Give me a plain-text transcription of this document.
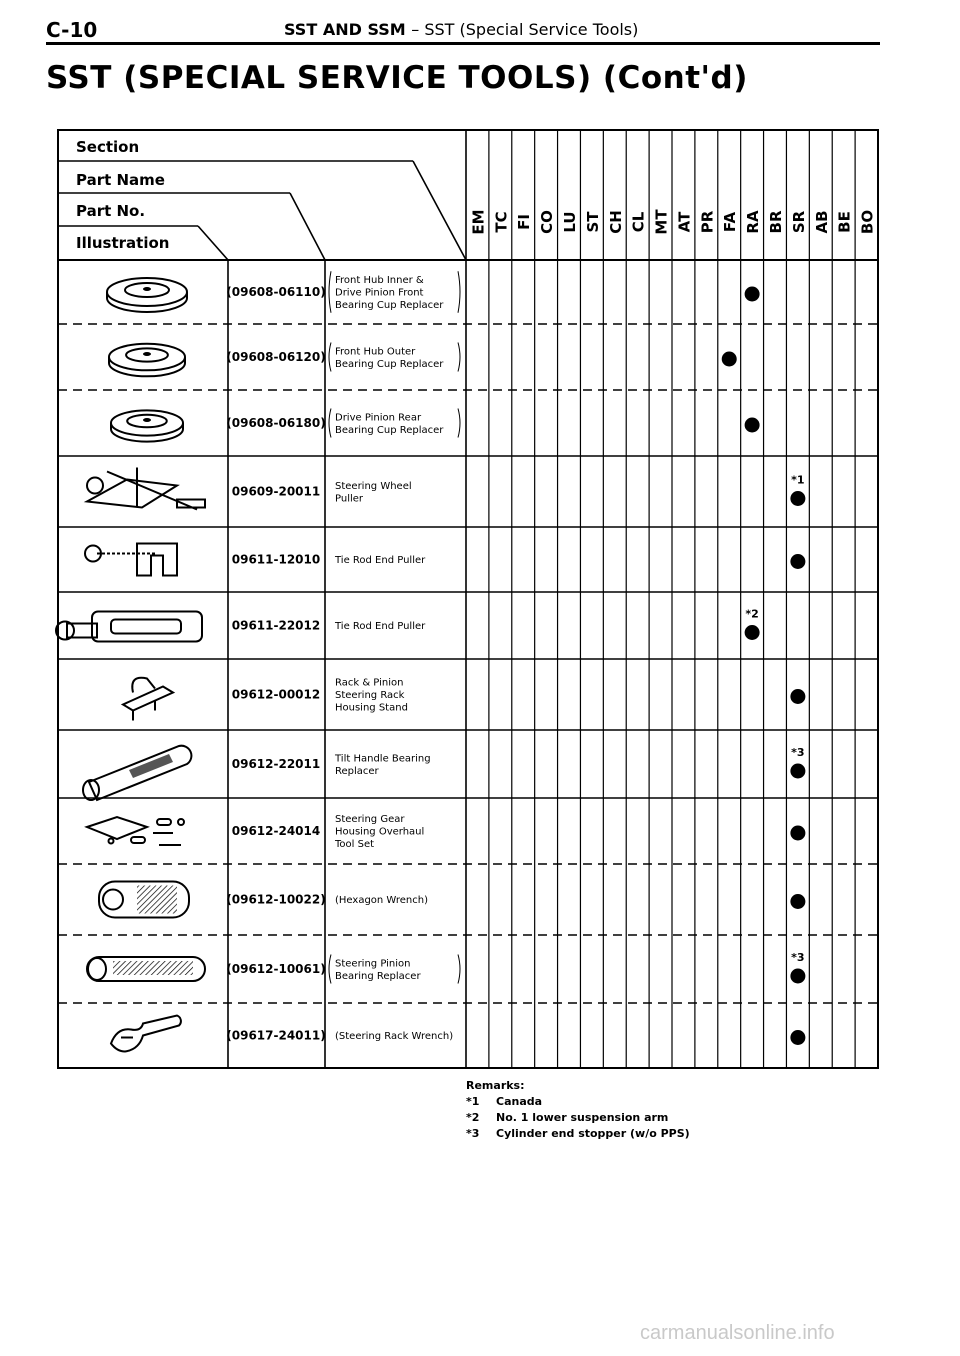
C-10	SST AND SSM – SST (Special Service Tools)
SST (SPECIAL SERVICE TOOLS) (Cont'd)
Section
Part Name
Part No.
Illustration
EM TC FI CO LU ST CH CL MT AT PR FA RA BR SR AB BE BO
(09608-06110)
Front Hub Inner &
Drive Pinion Front
Bearing Cup Replacer
(09608-06120) Front Hub Outer
Bearing Cup Replacer
(09608-06180) Drive Pinion Rear
Bearing Cup Replacer
09609-20011 Steering Wheel
Puller
*1
09611-12010 Tie Rod End Puller
09611-22012 Tie Rod End Puller
*2
09612-00012
Rack & Pinion
Steering Rack
Housing Stand
09612-22011 Tilt Handle Bearing
Replacer
*3
09612-24014
Steering Gear
Housing Overhaul
Tool Set
(09612-10022) (Hexagon Wrench)
(09612-10061) Steering Pinion
Bearing Replacer
*3
(09617-24011) (Steering Rack Wrench)
Remarks:
*1 Canada
*2 No. 1 lower suspension arm
*3 Cylinder end stopper (w/o PPS)
carmanualsonline.info
